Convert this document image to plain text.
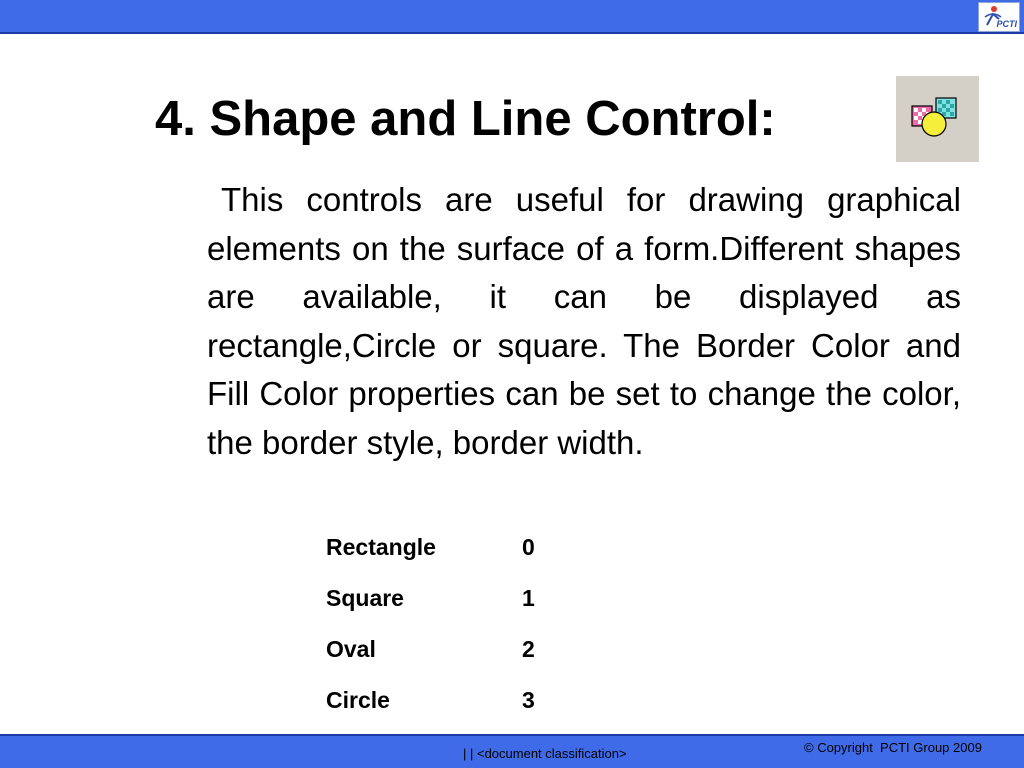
PCTI
4. Shape and Line Control:

This controls are useful for drawing graphical elements on the surface of a form.Different shapes are available, it can be displayed as rectangle,Circle or square. The Border Color and Fill Color properties can be set to change the color, the border style, border width.

Rectangle	0
Square	1
Oval	2
Circle	3
| | <document classification>	© Copyright  PCTI Group 2009
